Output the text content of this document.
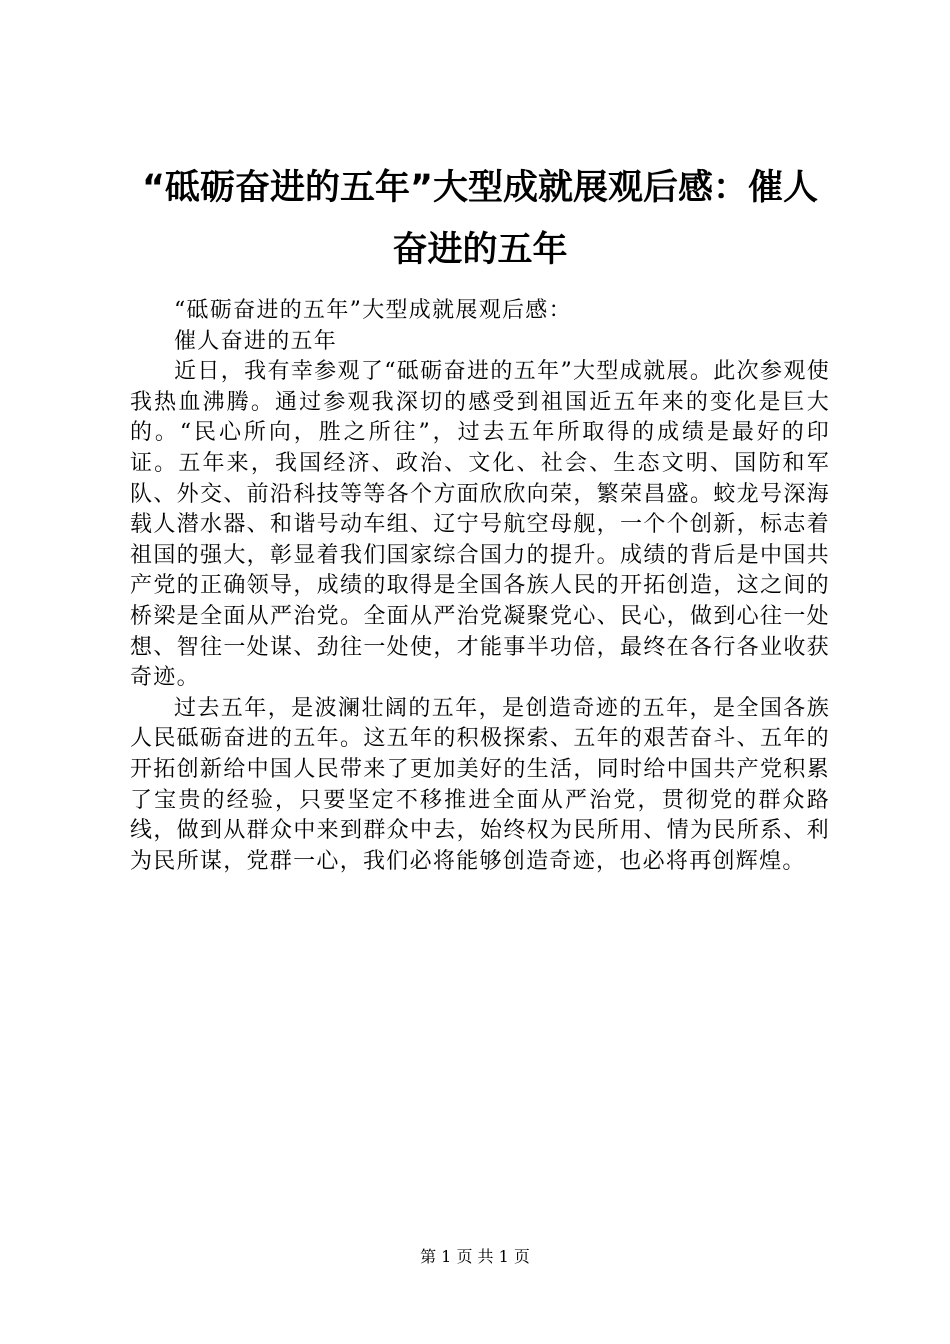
“砥砺奋进的五年”大型成就展观后感：催人
奋进的五年

“砥砺奋进的五年”大型成就展观后感：

催人奋进的五年

近日，我有幸参观了“砥砺奋进的五年”大型成就展。此次参观使我热血沸腾。通过参观我深切的感受到祖国近五年来的变化是巨大的。“民心所向，胜之所往”，过去五年所取得的成绩是最好的印证。五年来，我国经济、政治、文化、社会、生态文明、国防和军队、外交、前沿科技等等各个方面欣欣向荣，繁荣昌盛。蛟龙号深海载人潜水器、和谐号动车组、辽宁号航空母舰，一个个创新，标志着祖国的强大，彰显着我们国家综合国力的提升。成绩的背后是中国共产党的正确领导，成绩的取得是全国各族人民的开拓创造，这之间的桥梁是全面从严治党。全面从严治党凝聚党心、民心，做到心往一处想、智往一处谋、劲往一处使，才能事半功倍，最终在各行各业收获奇迹。

过去五年，是波澜壮阔的五年，是创造奇迹的五年，是全国各族人民砥砺奋进的五年。这五年的积极探索、五年的艰苦奋斗、五年的开拓创新给中国人民带来了更加美好的生活，同时给中国共产党积累了宝贵的经验，只要坚定不移推进全面从严治党，贯彻党的群众路线，做到从群众中来到群众中去，始终权为民所用、情为民所系、利为民所谋，党群一心，我们必将能够创造奇迹，也必将再创辉煌。

第 1 页 共 1 页
